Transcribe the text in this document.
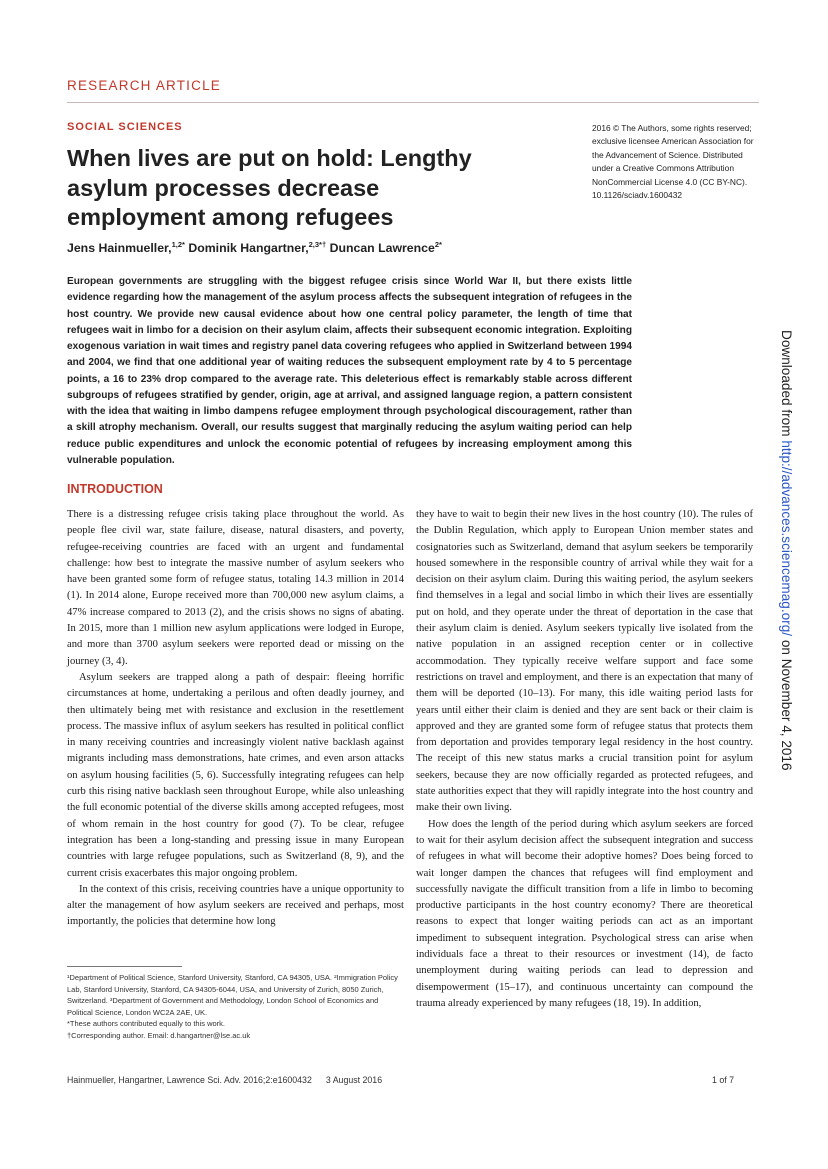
RESEARCH ARTICLE
SOCIAL SCIENCES
When lives are put on hold: Lengthy asylum processes decrease employment among refugees
2016 © The Authors, some rights reserved; exclusive licensee American Association for the Advancement of Science. Distributed under a Creative Commons Attribution NonCommercial License 4.0 (CC BY-NC). 10.1126/sciadv.1600432
Jens Hainmueller,$^{1,2*}$ Dominik Hangartner,$^{2,3*\dagger}$ Duncan Lawrence$^{2*}$
European governments are struggling with the biggest refugee crisis since World War II, but there exists little evidence regarding how the management of the asylum process affects the subsequent integration of refugees in the host country. We provide new causal evidence about how one central policy parameter, the length of time that refugees wait in limbo for a decision on their asylum claim, affects their subsequent economic integration. Exploiting exogenous variation in wait times and registry panel data covering refugees who applied in Switzerland between 1994 and 2004, we find that one additional year of waiting reduces the subsequent employment rate by 4 to 5 percentage points, a 16 to 23% drop compared to the average rate. This deleterious effect is remarkably stable across different subgroups of refugees stratified by gender, origin, age at arrival, and assigned language region, a pattern consistent with the idea that waiting in limbo dampens refugee employment through psychological discouragement, rather than a skill atrophy mechanism. Overall, our results suggest that marginally reducing the asylum waiting period can help reduce public expenditures and unlock the economic potential of refugees by increasing employment among this vulnerable population.
INTRODUCTION

There is a distressing refugee crisis taking place throughout the world. As people flee civil war, state failure, disease, natural disasters, and poverty, refugee-receiving countries are faced with an urgent and fundamental challenge: how best to integrate the massive number of asylum seekers who have been granted some form of refugee status, totaling 14.3 million in 2014 (1). In 2014 alone, Europe received more than 700,000 new asylum claims, a 47% increase compared to 2013 (2), and the crisis shows no signs of abating. In 2015, more than 1 million new asylum applications were lodged in Europe, and more than 3700 asylum seekers were reported dead or missing on the journey (3, 4).

Asylum seekers are trapped along a path of despair: fleeing horrific circumstances at home, undertaking a perilous and often deadly journey, and then ultimately being met with resistance and exclusion in the resettlement process. The massive influx of asylum seekers has resulted in political conflict in many receiving countries and increasingly violent native backlash against migrants including mass demonstrations, hate crimes, and even arson attacks on asylum housing facilities (5, 6). Successfully integrating refugees can help curb this rising native backlash seen throughout Europe, while also unleashing the full economic potential of the diverse skills among accepted refugees, most of whom remain in the host country for good (7). To be clear, refugee integration has been a long-standing and pressing issue in many European countries with large refugee populations, such as Switzerland (8, 9), and the current crisis exacerbates this major ongoing problem.

In the context of this crisis, receiving countries have a unique opportunity to alter the management of how asylum seekers are received and perhaps, most importantly, the policies that determine how long

they have to wait to begin their new lives in the host country (10). The rules of the Dublin Regulation, which apply to European Union member states and cosignatories such as Switzerland, demand that asylum seekers be temporarily housed somewhere in the responsible country of arrival while they wait for a decision on their asylum claim. During this waiting period, the asylum seekers find themselves in a legal and social limbo in which their lives are essentially put on hold, and they operate under the threat of deportation in the case that their asylum claim is denied. Asylum seekers typically live isolated from the native population in an assigned reception center or in collective accommodation. They typically receive welfare support and face some restrictions on travel and employment, and there is an expectation that many of them will be deported (10–13). For many, this idle waiting period lasts for years until either their claim is denied and they are sent back or their claim is approved and they are granted some form of refugee status that protects them from deportation and provides temporary legal residency in the host country. The receipt of this new status marks a crucial transition point for asylum seekers, because they are now officially regarded as protected refugees, and state authorities expect that they will rapidly integrate into the host country and make their own living.

How does the length of the period during which asylum seekers are forced to wait for their asylum decision affect the subsequent integration and success of refugees in what will become their adoptive homes? Does being forced to wait longer dampen the chances that refugees will find employment and successfully navigate the difficult transition from a life in limbo to becoming productive participants in the host country economy? There are theoretical reasons to expect that longer waiting periods can act as an important impediment to subsequent integration. Psychological stress can arise when individuals face a threat to their resources or investment (14), de facto unemployment during waiting periods can lead to depression and disempowerment (15–17), and continuous uncertainty can compound the trauma already experienced by many refugees (18, 19). In addition,

¹Department of Political Science, Stanford University, Stanford, CA 94305, USA. ²Immigration Policy Lab, Stanford University, Stanford, CA 94305-6044, USA, and University of Zurich, 8050 Zurich, Switzerland. ³Department of Government and Methodology, London School of Economics and Political Science, London WC2A 2AE, UK.
*These authors contributed equally to this work.
†Corresponding author. Email: d.hangartner@lse.ac.uk
Hainmueller, Hangartner, Lawrence Sci. Adv. 2016;2:e1600432 3 August 2016	1 of 7
Downloaded from http://advances.sciencemag.org/ on November 4, 2016
